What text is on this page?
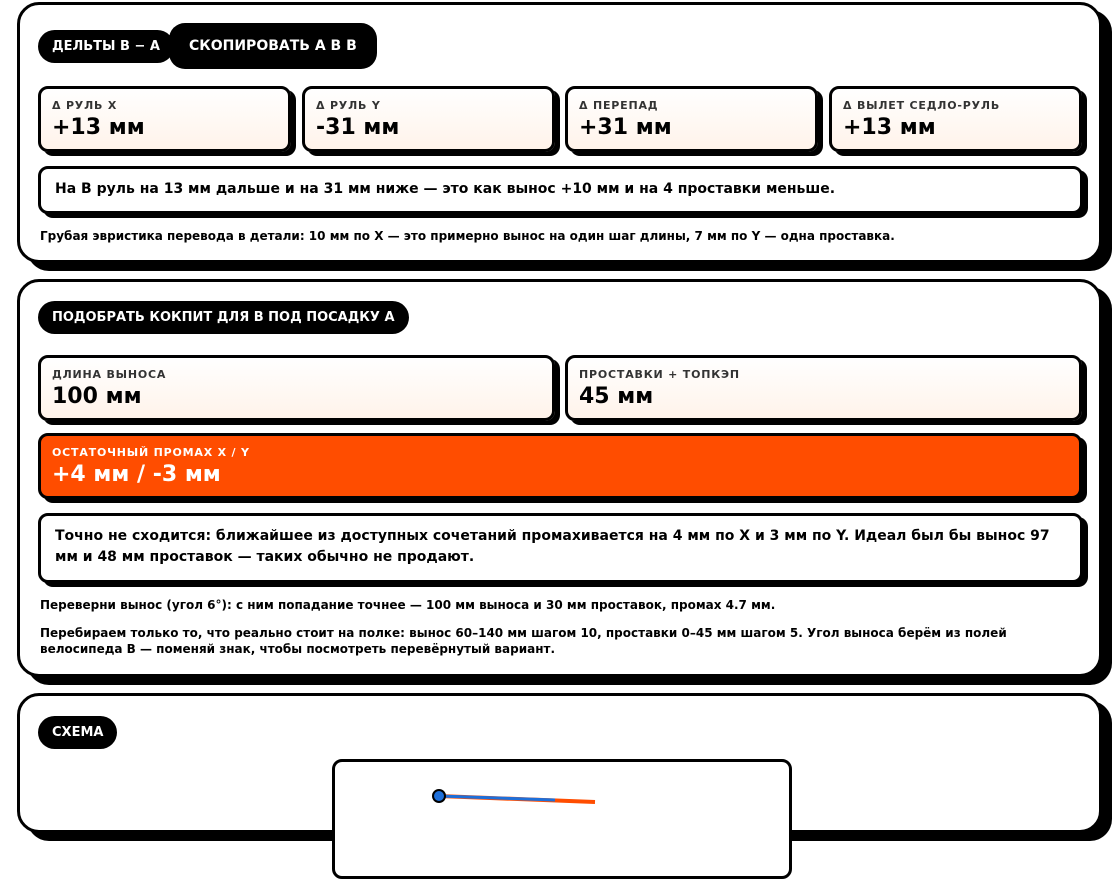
ДЕЛЬТЫ B − A	СКОПИРОВАТЬ A В B
Δ РУЛЬ X
+13 мм
Δ РУЛЬ Y
-31 мм
Δ ПЕРЕПАД
+31 мм
Δ ВЫЛЕТ СЕДЛО-РУЛЬ
+13 мм
На B руль на 13 мм дальше и на 31 мм ниже — это как вынос +10 мм и на 4 проставки меньше.
Грубая эвристика перевода в детали: 10 мм по X — это примерно вынос на один шаг длины, 7 мм по Y — одна проставка.
ПОДОБРАТЬ КОКПИТ ДЛЯ B ПОД ПОСАДКУ A
ДЛИНА ВЫНОСА
100 мм
ПРОСТАВКИ + ТОПКЭП
45 мм
ОСТАТОЧНЫЙ ПРОМАХ X / Y
+4 мм / -3 мм
Точно не сходится: ближайшее из доступных сочетаний промахивается на 4 мм по X и 3 мм по Y. Идеал был бы вынос 97 мм и 48 мм проставок — таких обычно не продают.
Переверни вынос (угол 6°): с ним попадание точнее — 100 мм выноса и 30 мм проставок, промах 4.7 мм.
Перебираем только то, что реально стоит на полке: вынос 60–140 мм шагом 10, проставки 0–45 мм шагом 5. Угол выноса берём из полей велосипеда B — поменяй знак, чтобы посмотреть перевёрнутый вариант.
СХЕМА
